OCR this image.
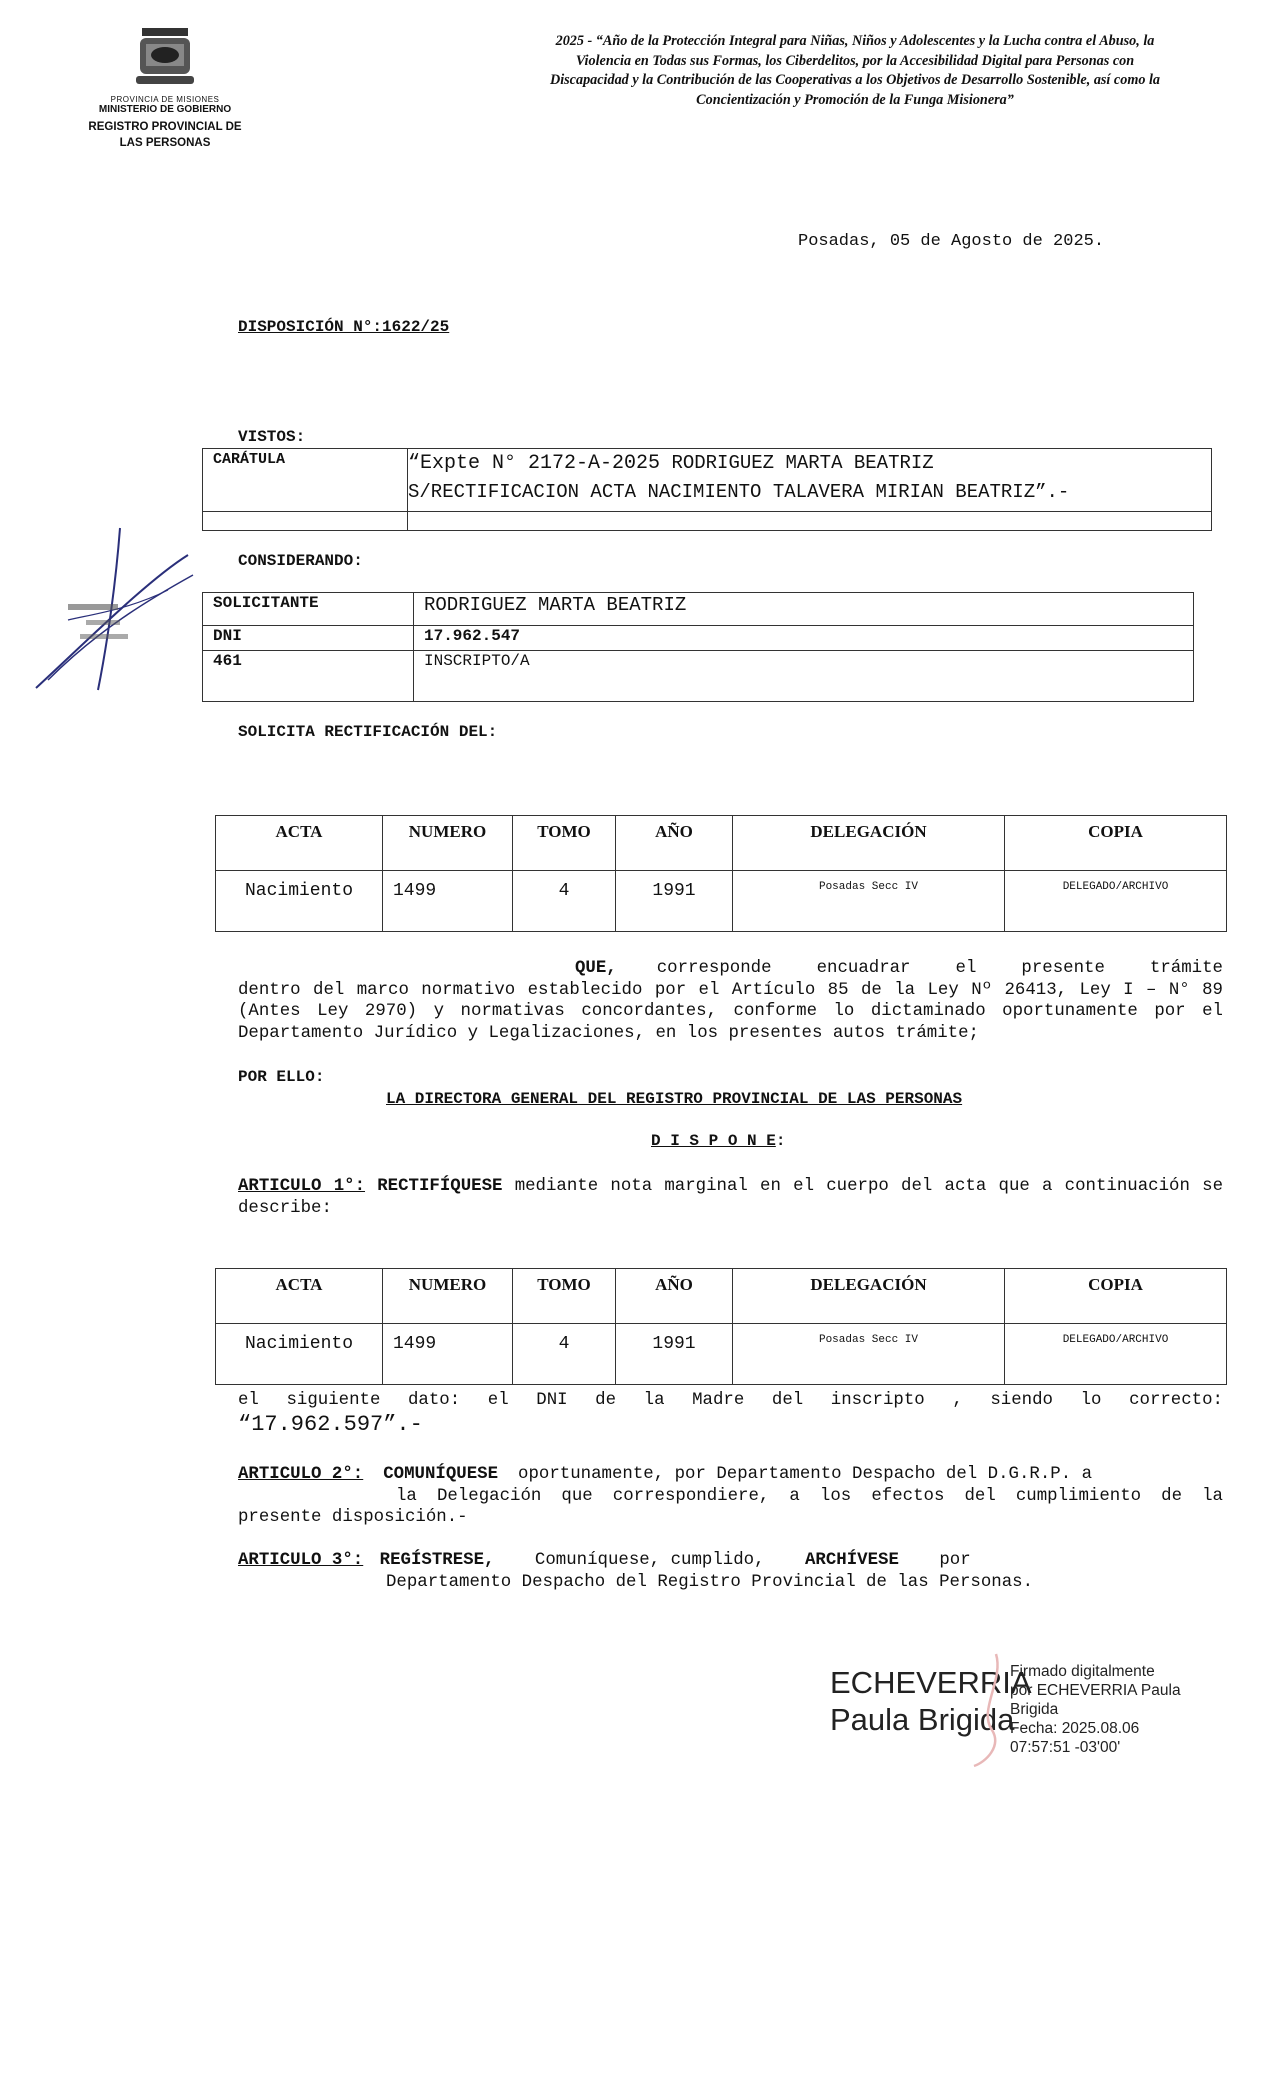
PROVINCIA DE MISIONES
MINISTERIO DE GOBIERNO
REGISTRO PROVINCIAL DE
LAS PERSONAS
2025 - “Año de la Protección Integral para Niñas, Niños y Adolescentes y la Lucha contra el Abuso, la Violencia en Todas sus Formas, los Ciberdelitos, por la Accesibilidad Digital para Personas con Discapacidad y la Contribución de las Cooperativas a los Objetivos de Desarrollo Sostenible, así como la Concientización y Promoción de la Funga Misionera”
Posadas, 05 de Agosto de 2025.
DISPOSICIÓN N°:1622/25
VISTOS:
CARÁTULA	“Expte N° 2172-A-2025 RODRIGUEZ MARTA BEATRIZ
S/RECTIFICACION ACTA NACIMIENTO TALAVERA MIRIAN BEATRIZ”.-

CONSIDERANDO:
SOLICITANTE	RODRIGUEZ MARTA BEATRIZ
DNI	17.962.547
461	INSCRIPTO/A
SOLICITA RECTIFICACIÓN DEL:
ACTA	NUMERO	TOMO	AÑO	DELEGACIÓN	COPIA
Nacimiento	1499	4	1991	Posadas Secc IV	DELEGADO/ARCHIVO
QUE,	corresponde encuadrar el presente trámite
dentro del marco normativo establecido por el Artículo 85 de la Ley Nº 26413, Ley I – N° 89 (Antes Ley 2970) y normativas concordantes, conforme lo dictaminado oportunamente por el Departamento Jurídico y Legalizaciones, en los presentes autos trámite;
POR ELLO:
LA DIRECTORA GENERAL DEL REGISTRO PROVINCIAL DE LAS PERSONAS
D I S P O N E:
ARTICULO 1°: RECTIFÍQUESE mediante nota marginal en el cuerpo del acta que a continuación se describe:
ACTA	NUMERO	TOMO	AÑO	DELEGACIÓN	COPIA
Nacimiento	1499	4	1991	Posadas Secc IV	DELEGADO/ARCHIVO
el siguiente dato: el DNI de la Madre del inscripto , siendo lo correcto:
“17.962.597”.-
ARTICULO 2°: COMUNÍQUESE oportunamente, por Departamento Despacho del D.G.R.P. a
la Delegación que correspondiere, a los efectos del cumplimiento de la
presente disposición.-
ARTICULO 3°: REGÍSTRESE, Comuníquese, cumplido, ARCHÍVESE por
Departamento Despacho del Registro Provincial de las Personas.
ECHEVERRIA
Paula Brigida
Firmado digitalmente
por ECHEVERRIA Paula
Brigida
Fecha: 2025.08.06
07:57:51 -03'00'
